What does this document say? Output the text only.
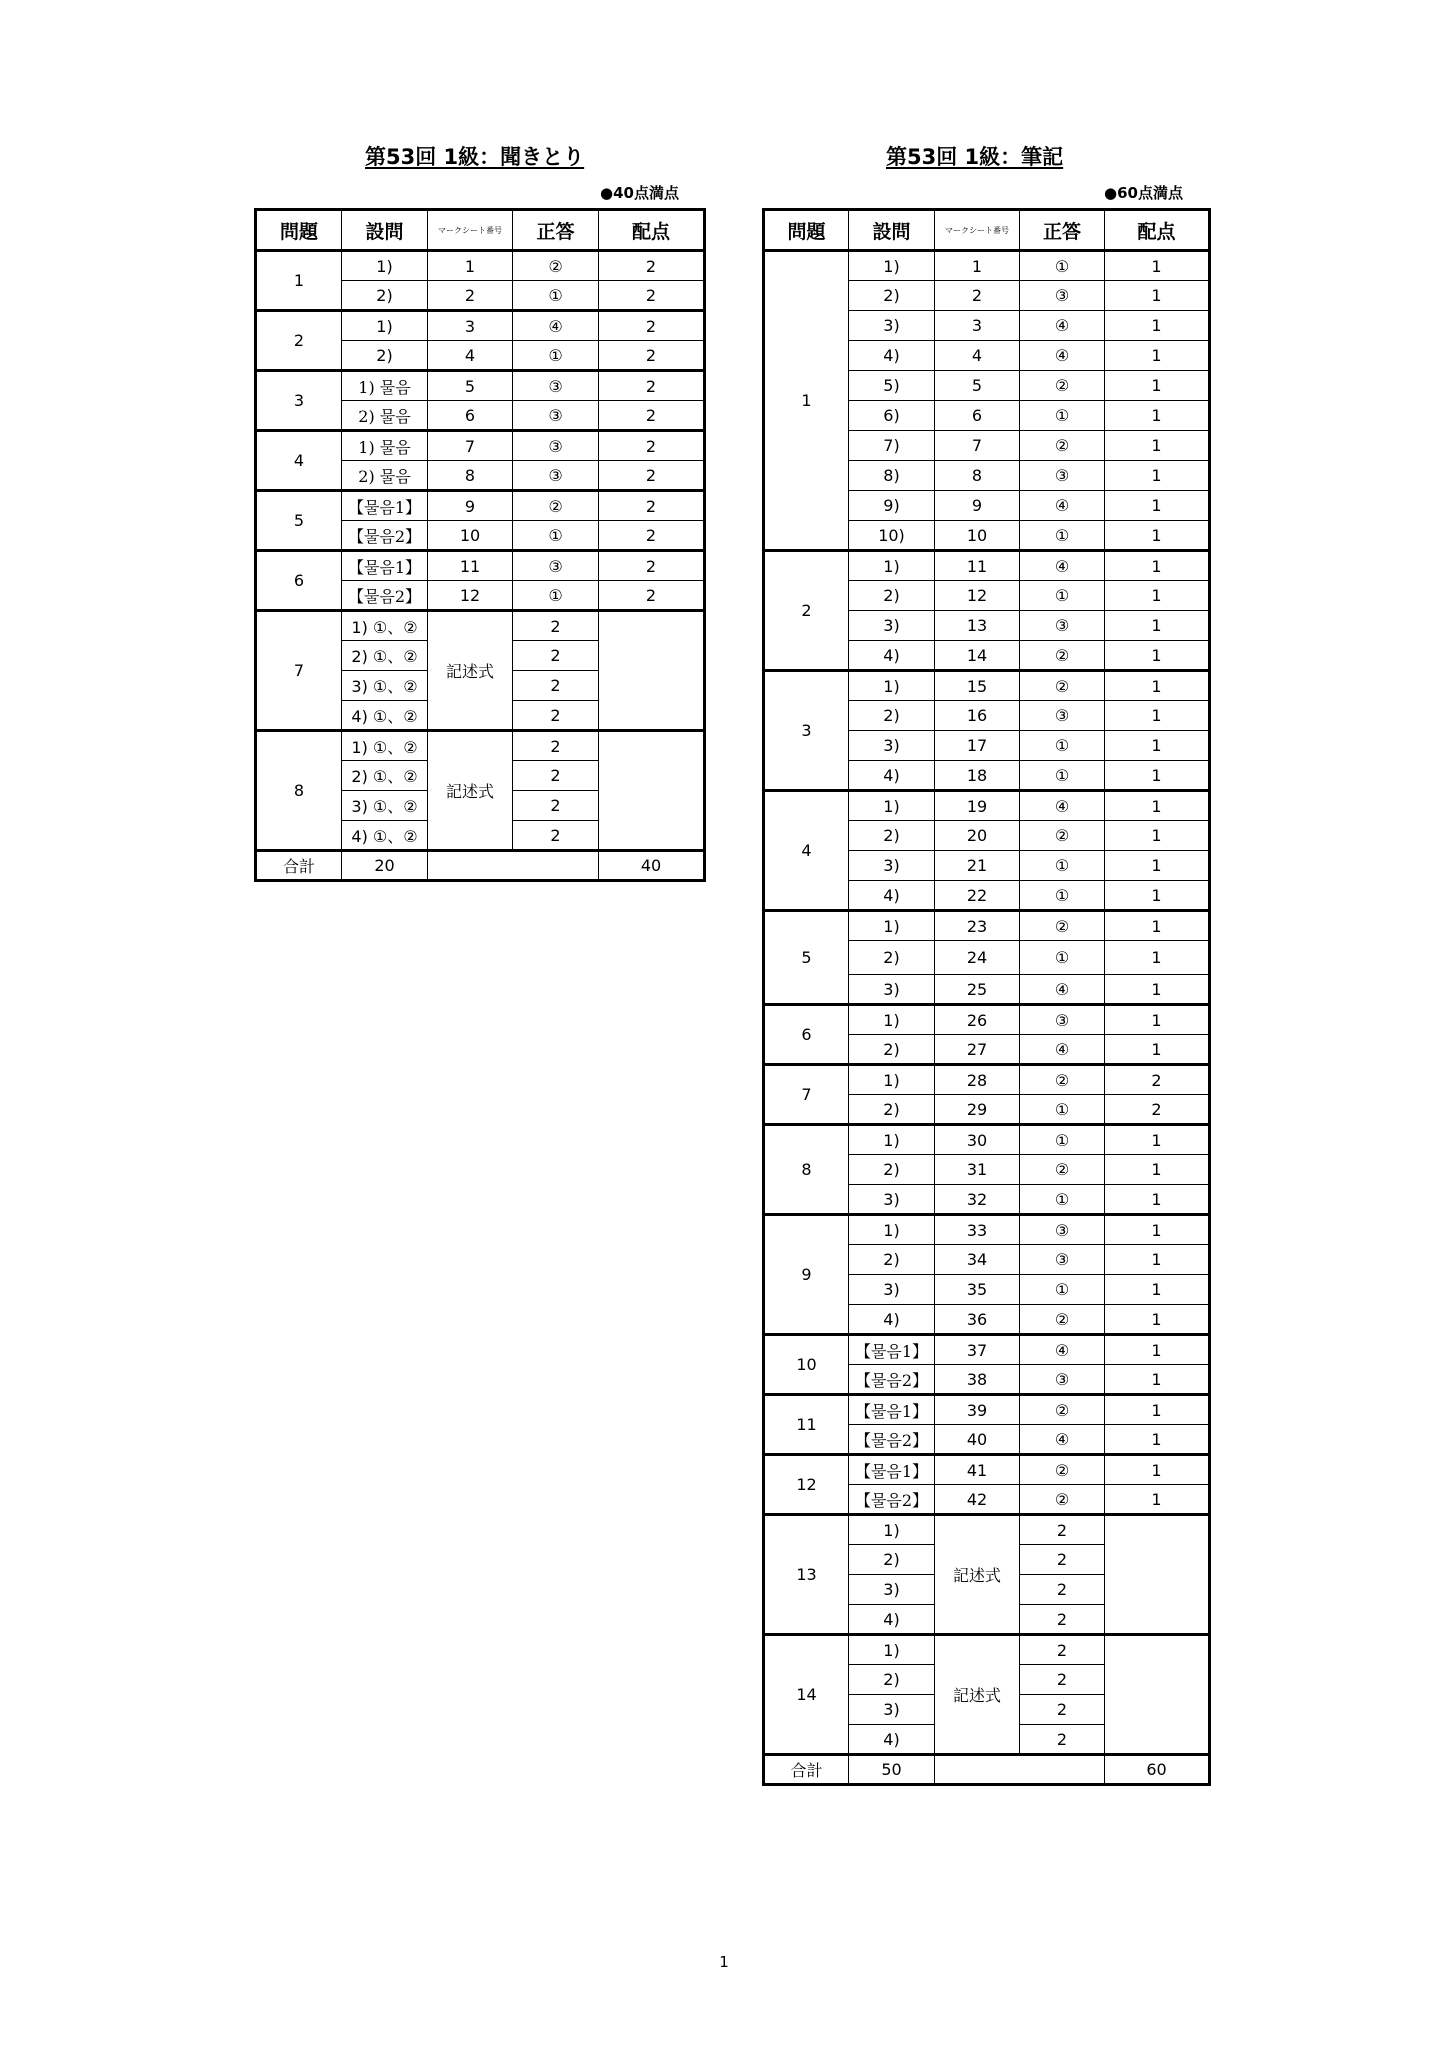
第53回 1級：聞きとり
●40点満点
問題	設問	マークシート番号	正答	配点
1	1)	1	②	2
	2)	2	①	2
2	1)	3	④	2
	2)	4	①	2
3	1) 물음	5	③	2
	2) 물음	6	③	2
4	1) 물음	7	③	2
	2) 물음	8	③	2
5	【물음1】	9	②	2
	【물음2】	10	①	2
6	【물음1】	11	③	2
	【물음2】	12	①	2
7	1) ①、②	記述式	2	
	2) ①、②		2	
	3) ①、②		2	
	4) ①、②		2	
8	1) ①、②	記述式	2	
	2) ①、②		2	
	3) ①、②		2	
	4) ①、②		2	
合計	20			40
第53回 1級：筆記
●60点満点
問題	設問	マークシート番号	正答	配点
1	1)	1	①	1
	2)	2	③	1
	3)	3	④	1
	4)	4	④	1
	5)	5	②	1
	6)	6	①	1
	7)	7	②	1
	8)	8	③	1
	9)	9	④	1
	10)	10	①	1
2	1)	11	④	1
	2)	12	①	1
	3)	13	③	1
	4)	14	②	1
3	1)	15	②	1
	2)	16	③	1
	3)	17	①	1
	4)	18	①	1
4	1)	19	④	1
	2)	20	②	1
	3)	21	①	1
	4)	22	①	1
5	1)	23	②	1
	2)	24	①	1
	3)	25	④	1
6	1)	26	③	1
	2)	27	④	1
7	1)	28	②	2
	2)	29	①	2
8	1)	30	①	1
	2)	31	②	1
	3)	32	①	1
9	1)	33	③	1
	2)	34	③	1
	3)	35	①	1
	4)	36	②	1
10	【물음1】	37	④	1
	【물음2】	38	③	1
11	【물음1】	39	②	1
	【물음2】	40	④	1
12	【물음1】	41	②	1
	【물음2】	42	②	1
13	1)	記述式	2	
	2)		2	
	3)		2	
	4)		2	
14	1)	記述式	2	
	2)		2	
	3)		2	
	4)		2	
合計	50			60
1
